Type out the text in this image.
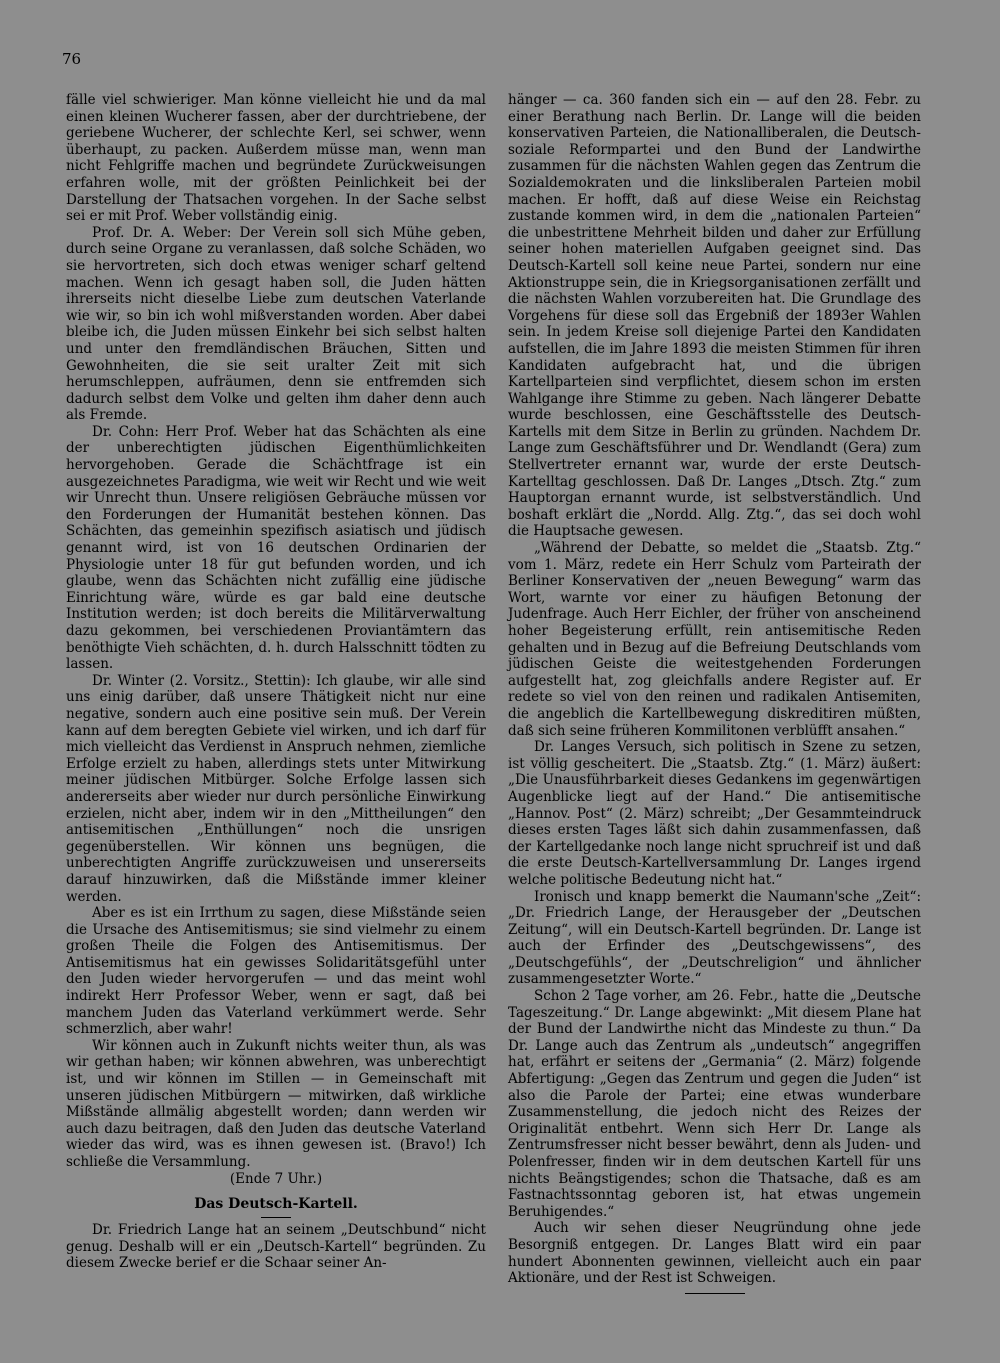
76

fälle viel schwieriger. Man könne vielleicht hie und da mal einen kleinen Wucherer fassen, aber der durchtriebene, der geriebene Wucherer, der schlechte Kerl, sei schwer, wenn überhaupt, zu packen. Außerdem müsse man, wenn man nicht Fehlgriffe machen und begründete Zurückweisungen erfahren wolle, mit der größten Peinlichkeit bei der Darstellung der Thatsachen vorgehen. In der Sache selbst sei er mit Prof. Weber vollständig einig.

Prof. Dr. A. Weber: Der Verein soll sich Mühe geben, durch seine Organe zu veranlassen, daß solche Schäden, wo sie hervortreten, sich doch etwas weniger scharf geltend machen. Wenn ich gesagt haben soll, die Juden hätten ihrerseits nicht dieselbe Liebe zum deutschen Vaterlande wie wir, so bin ich wohl mißverstanden worden. Aber dabei bleibe ich, die Juden müssen Einkehr bei sich selbst halten und unter den fremdländischen Bräuchen, Sitten und Gewohnheiten, die sie seit uralter Zeit mit sich herumschleppen, aufräumen, denn sie entfremden sich dadurch selbst dem Volke und gelten ihm daher denn auch als Fremde.

Dr. Cohn: Herr Prof. Weber hat das Schächten als eine der unberechtigten jüdischen Eigenthümlichkeiten hervorgehoben. Gerade die Schächtfrage ist ein ausgezeichnetes Paradigma, wie weit wir Recht und wie weit wir Unrecht thun. Unsere religiösen Gebräuche müssen vor den Forderungen der Humanität bestehen können. Das Schächten, das gemeinhin spezifisch asiatisch und jüdisch genannt wird, ist von 16 deutschen Ordinarien der Physiologie unter 18 für gut befunden worden, und ich glaube, wenn das Schächten nicht zufällig eine jüdische Einrichtung wäre, würde es gar bald eine deutsche Institution werden; ist doch bereits die Militärverwaltung dazu gekommen, bei verschiedenen Proviantämtern das benöthigte Vieh schächten, d. h. durch Halsschnitt tödten zu lassen.

Dr. Winter (2. Vorsitz., Stettin): Ich glaube, wir alle sind uns einig darüber, daß unsere Thätigkeit nicht nur eine negative, sondern auch eine positive sein muß. Der Verein kann auf dem beregten Gebiete viel wirken, und ich darf für mich vielleicht das Verdienst in Anspruch nehmen, ziemliche Erfolge erzielt zu haben, allerdings stets unter Mitwirkung meiner jüdischen Mitbürger. Solche Erfolge lassen sich andererseits aber wieder nur durch persönliche Einwirkung erzielen, nicht aber, indem wir in den „Mittheilungen“ den antisemitischen „Enthüllungen“ noch die unsrigen gegenüberstellen. Wir können uns begnügen, die unberechtigten Angriffe zurückzuweisen und unsererseits darauf hinzuwirken, daß die Mißstände immer kleiner werden.

Aber es ist ein Irrthum zu sagen, diese Mißstände seien die Ursache des Antisemitismus; sie sind vielmehr zu einem großen Theile die Folgen des Antisemitismus. Der Antisemitismus hat ein gewisses Solidaritätsgefühl unter den Juden wieder hervorgerufen — und das meint wohl indirekt Herr Professor Weber, wenn er sagt, daß bei manchem Juden das Vaterland verkümmert werde. Sehr schmerzlich, aber wahr!

Wir können auch in Zukunft nichts weiter thun, als was wir gethan haben; wir können abwehren, was unberechtigt ist, und wir können im Stillen — in Gemeinschaft mit unseren jüdischen Mitbürgern — mitwirken, daß wirkliche Mißstände allmälig abgestellt worden; dann werden wir auch dazu beitragen, daß den Juden das deutsche Vaterland wieder das wird, was es ihnen gewesen ist. (Bravo!) Ich schließe die Versammlung.

(Ende 7 Uhr.)

Das Deutsch-Kartell.

Dr. Friedrich Lange hat an seinem „Deutschbund“ nicht genug. Deshalb will er ein „Deutsch-Kartell“ begründen. Zu diesem Zwecke berief er die Schaar seiner An-

hänger — ca. 360 fanden sich ein — auf den 28. Febr. zu einer Berathung nach Berlin. Dr. Lange will die beiden konservativen Parteien, die Nationalliberalen, die Deutsch-soziale Reformpartei und den Bund der Landwirthe zusammen für die nächsten Wahlen gegen das Zentrum die Sozialdemokraten und die linksliberalen Parteien mobil machen. Er hofft, daß auf diese Weise ein Reichstag zustande kommen wird, in dem die „nationalen Parteien“ die unbestrittene Mehrheit bilden und daher zur Erfüllung seiner hohen materiellen Aufgaben geeignet sind. Das Deutsch-Kartell soll keine neue Partei, sondern nur eine Aktionstruppe sein, die in Kriegsorganisationen zerfällt und die nächsten Wahlen vorzubereiten hat. Die Grundlage des Vorgehens für diese soll das Ergebniß der 1893er Wahlen sein. In jedem Kreise soll diejenige Partei den Kandidaten aufstellen, die im Jahre 1893 die meisten Stimmen für ihren Kandidaten aufgebracht hat, und die übrigen Kartellparteien sind verpflichtet, diesem schon im ersten Wahlgange ihre Stimme zu geben. Nach längerer Debatte wurde beschlossen, eine Geschäftsstelle des Deutsch-Kartells mit dem Sitze in Berlin zu gründen. Nachdem Dr. Lange zum Geschäftsführer und Dr. Wendlandt (Gera) zum Stellvertreter ernannt war, wurde der erste Deutsch-Kartelltag geschlossen. Daß Dr. Langes „Dtsch. Ztg.“ zum Hauptorgan ernannt wurde, ist selbstverständlich. Und boshaft erklärt die „Nordd. Allg. Ztg.“, das sei doch wohl die Hauptsache gewesen.

„Während der Debatte, so meldet die „Staatsb. Ztg.“ vom 1. März, redete ein Herr Schulz vom Parteirath der Berliner Konservativen der „neuen Bewegung“ warm das Wort, warnte vor einer zu häufigen Betonung der Judenfrage. Auch Herr Eichler, der früher von anscheinend hoher Begeisterung erfüllt, rein antisemitische Reden gehalten und in Bezug auf die Befreiung Deutschlands vom jüdischen Geiste die weitestgehenden Forderungen aufgestellt hat, zog gleichfalls andere Register auf. Er redete so viel von den reinen und radikalen Antisemiten, die angeblich die Kartellbewegung diskreditiren müßten, daß sich seine früheren Kommilitonen verblüfft ansahen.“

Dr. Langes Versuch, sich politisch in Szene zu setzen, ist völlig gescheitert. Die „Staatsb. Ztg.“ (1. März) äußert: „Die Unausführbarkeit dieses Gedankens im gegenwärtigen Augenblicke liegt auf der Hand.“ Die antisemitische „Hannov. Post“ (2. März) schreibt; „Der Gesammteindruck dieses ersten Tages läßt sich dahin zusammenfassen, daß der Kartellgedanke noch lange nicht spruchreif ist und daß die erste Deutsch-Kartellversammlung Dr. Langes irgend welche politische Bedeutung nicht hat.“

Ironisch und knapp bemerkt die Naumann'sche „Zeit“: „Dr. Friedrich Lange, der Herausgeber der „Deutschen Zeitung“, will ein Deutsch-Kartell begründen. Dr. Lange ist auch der Erfinder des „Deutschgewissens“, des „Deutschgefühls“, der „Deutschreligion“ und ähnlicher zusammengesetzter Worte.“

Schon 2 Tage vorher, am 26. Febr., hatte die „Deutsche Tageszeitung.“ Dr. Lange abgewinkt: „Mit diesem Plane hat der Bund der Landwirthe nicht das Mindeste zu thun.“ Da Dr. Lange auch das Zentrum als „undeutsch“ angegriffen hat, erfährt er seitens der „Germania“ (2. März) folgende Abfertigung: „Gegen das Zentrum und gegen die Juden“ ist also die Parole der Partei; eine etwas wunderbare Zusammenstellung, die jedoch nicht des Reizes der Originalität entbehrt. Wenn sich Herr Dr. Lange als Zentrumsfresser nicht besser bewährt, denn als Juden- und Polenfresser, finden wir in dem deutschen Kartell für uns nichts Beängstigendes; schon die Thatsache, daß es am Fastnachtssonntag geboren ist, hat etwas ungemein Beruhigendes.“

Auch wir sehen dieser Neugründung ohne jede Besorgniß entgegen. Dr. Langes Blatt wird ein paar hundert Abonnenten gewinnen, vielleicht auch ein paar Aktionäre, und der Rest ist Schweigen.
